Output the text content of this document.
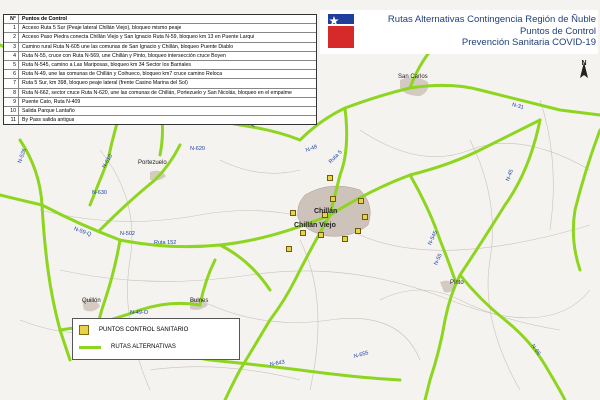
San Carlos
Portezuelo
Chillán
Chillán Viejo
Quillón	Bulnes
Pinto
N-526	N-610
N-630
N-620
Ruta 5
N-31
N-45
N-48
N-502
Ruta 152
N-49-O
N-545
N-55
N-655
N-643
N-59-Q
N-66
N°	Puntos de Control
1	Acceso Ruta 5 Sur (Peaje lateral Chillán Viejo), bloqueo mismo peaje
2	Acceso Paso Piedra conecta Chillán Viejo y San Ignacio Ruta N-59, bloqueo km 13 en Puente Larqui
3	Camino rural Ruta N-605 une las comunas de San Ignacio y Chillán, bloqueo Puente Diablo
4	Ruta N-55, cruce con Ruta N-569, une Chillán y Pinto, bloqueo intersección cruce Boyen
5	Ruta N-545, camino a Las Mariposas, bloqueo km 34 Sector los Barriales
6	Ruta N-49, une las comunas de Chillán y Coihueco, bloqueo km7 cruce camino Reloca
7	Ruta 5 Sur, km 398, bloqueo peaje lateral (frente Casino Marina del Sol)
8	Ruta N-662, sector cruce Ruta N-620, une las comunas de Chillán, Portezuelo y San Nicolás, bloqueo en el empalme
9	Puente Cato, Ruta N-409
10	Salida Parque Lantaño
11	By Pass salida antigua
Rutas Alternativas Contingencia Región de Ñuble
Puntos de Control
Prevención Sanitaria COVID-19
N
PUNTOS CONTROL SANITARIO
RUTAS ALTERNATIVAS
